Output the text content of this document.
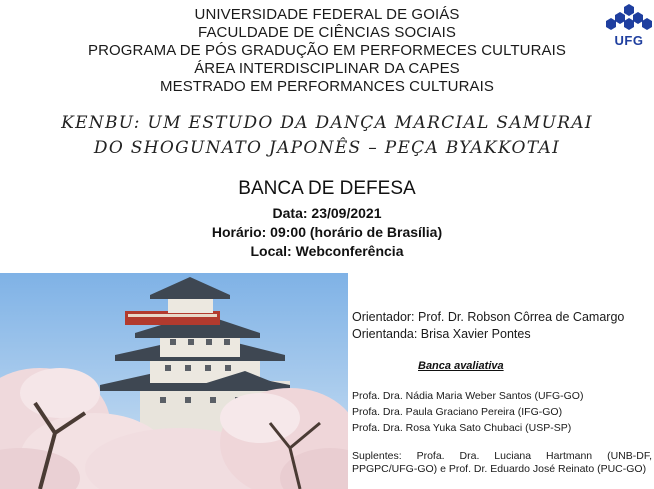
UNIVERSIDADE FEDERAL DE GOIÁS
FACULDADE DE CIÊNCIAS SOCIAIS
PROGRAMA DE PÓS GRADUÇÃO EM PERFORMECES CULTURAIS
ÁREA INTERDISCIPLINAR DA CAPES
MESTRADO EM PERFORMANCES CULTURAIS
UFG
KENBU: UM ESTUDO DA DANÇA MARCIAL SAMURAI
DO SHOGUNATO JAPONÊS – PEÇA BYAKKOTAI
BANCA DE DEFESA
Data: 23/09/2021
Horário: 09:00 (horário de Brasília)
Local: Webconferência
Orientador: Prof. Dr. Robson Côrrea de Camargo
Orientanda: Brisa Xavier Pontes
Banca avaliativa
Profa. Dra. Nádia Maria Weber Santos (UFG-GO)
Profa. Dra. Paula Graciano Pereira (IFG-GO)
Profa. Dra. Rosa Yuka Sato Chubaci (USP-SP)
Suplentes: Profa. Dra. Luciana Hartmann (UNB-DF, PPGPC/UFG-GO) e Prof. Dr. Eduardo José Reinato (PUC-GO)
